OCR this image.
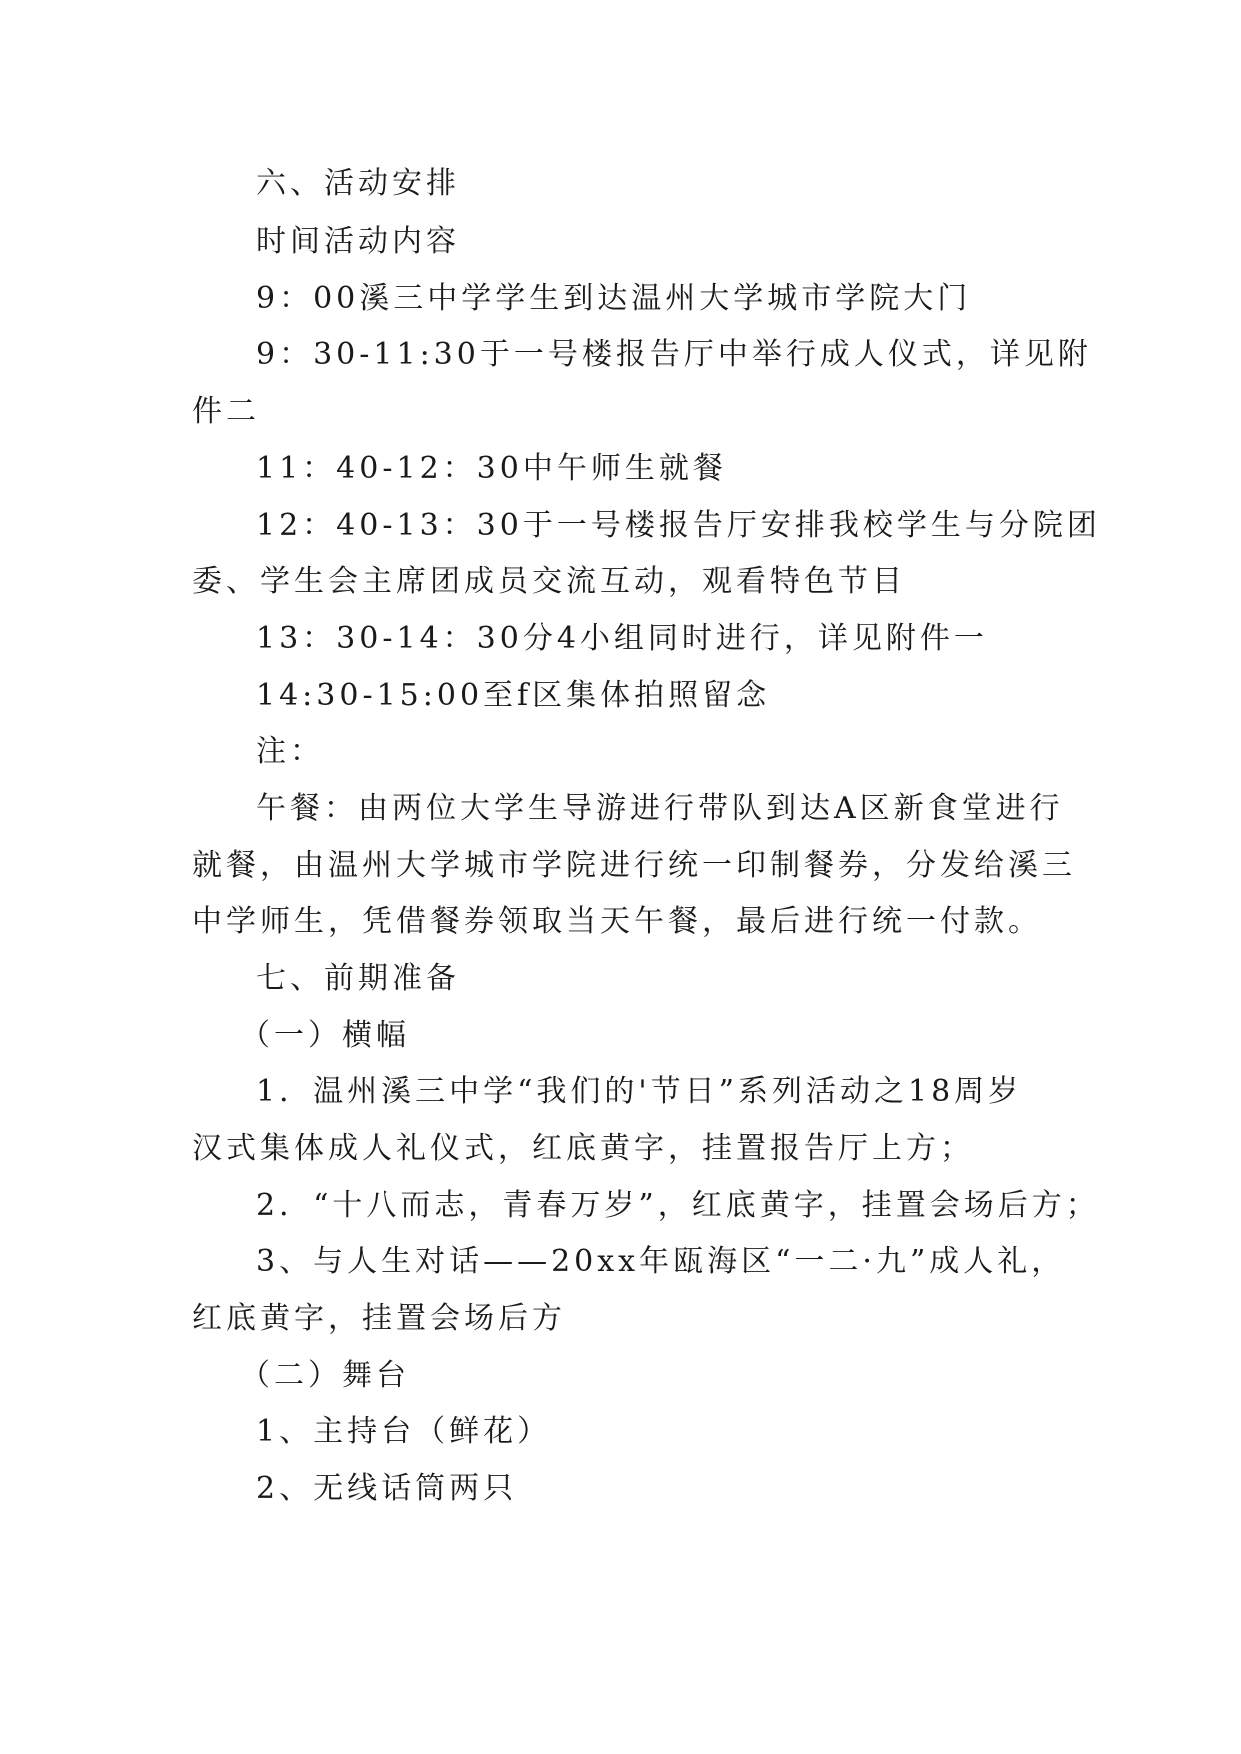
六、活动安排
时间活动内容
9：00溪三中学学生到达温州大学城市学院大门
9：30-11:30于一号楼报告厅中举行成人仪式，详见附
件二
11：40-12：30中午师生就餐
12：40-13：30于一号楼报告厅安排我校学生与分院团
委、学生会主席团成员交流互动，观看特色节目
13：30-14：30分4小组同时进行，详见附件一
14:30-15:00至f区集体拍照留念
注：
午餐：由两位大学生导游进行带队到达A区新食堂进行
就餐，由温州大学城市学院进行统一印制餐券，分发给溪三
中学师生，凭借餐券领取当天午餐，最后进行统一付款。
七、前期准备
（一）横幅
1．温州溪三中学“我们的'节日”系列活动之18周岁
汉式集体成人礼仪式，红底黄字，挂置报告厅上方；
2．“十八而志，青春万岁”，红底黄字，挂置会场后方；
3、与人生对话——20xx年瓯海区“一二·九”成人礼，
红底黄字，挂置会场后方
（二）舞台
1、主持台（鲜花）
2、无线话筒两只
